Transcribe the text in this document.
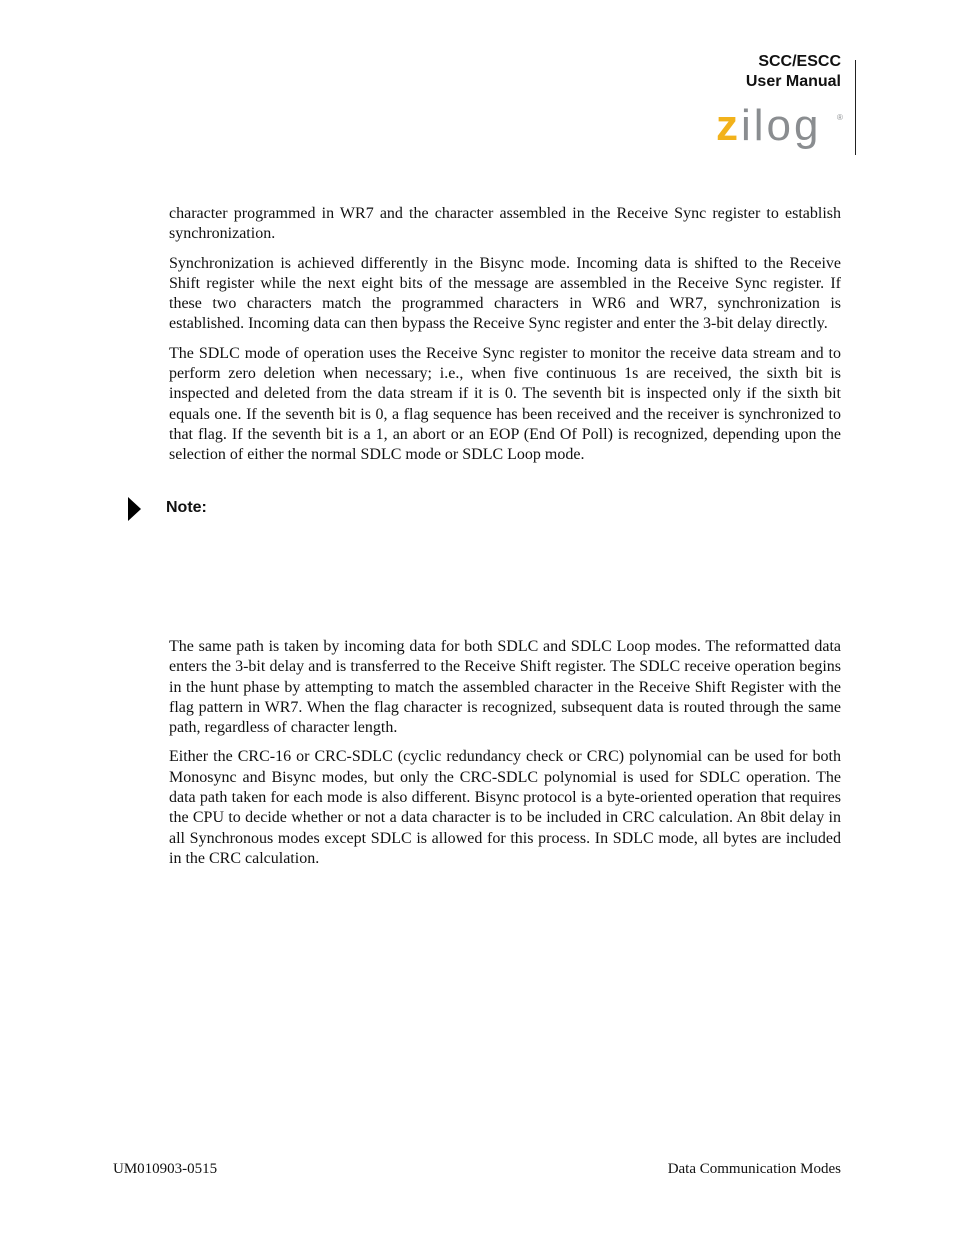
SCC/ESCC
User Manual
zilog ®

character programmed in WR7 and the character assembled in the Receive Sync register to establish synchronization.

Synchronization is achieved differently in the Bisync mode. Incoming data is shifted to the Receive Shift register while the next eight bits of the message are assembled in the Receive Sync register. If these two characters match the programmed characters in WR6 and WR7, synchronization is established. Incoming data can then bypass the Receive Sync register and enter the 3-bit delay directly.

The SDLC mode of operation uses the Receive Sync register to monitor the receive data stream and to perform zero deletion when necessary; i.e., when five continuous 1s are received, the sixth bit is inspected and deleted from the data stream if it is 0. The seventh bit is inspected only if the sixth bit equals one. If the seventh bit is 0, a flag sequence has been received and the receiver is synchronized to that flag. If the seventh bit is a 1, an abort or an EOP (End Of Poll) is recognized, depending upon the selection of either the normal SDLC mode or SDLC Loop mode.

Note:

The same path is taken by incoming data for both SDLC and SDLC Loop modes. The reformatted data enters the 3-bit delay and is transferred to the Receive Shift register. The SDLC receive operation begins in the hunt phase by attempting to match the assembled character in the Receive Shift Register with the flag pattern in WR7. When the flag character is recognized, subsequent data is routed through the same path, regardless of character length.

Either the CRC-16 or CRC-SDLC (cyclic redundancy check or CRC) polynomial can be used for both Monosync and Bisync modes, but only the CRC-SDLC polynomial is used for SDLC operation. The data path taken for each mode is also different. Bisync protocol is a byte-oriented operation that requires the CPU to decide whether or not a data character is to be included in CRC calculation. An 8bit delay in all Synchronous modes except SDLC is allowed for this process. In SDLC mode, all bytes are included in the CRC calculation.

UM010903-0515	Data Communication Modes
